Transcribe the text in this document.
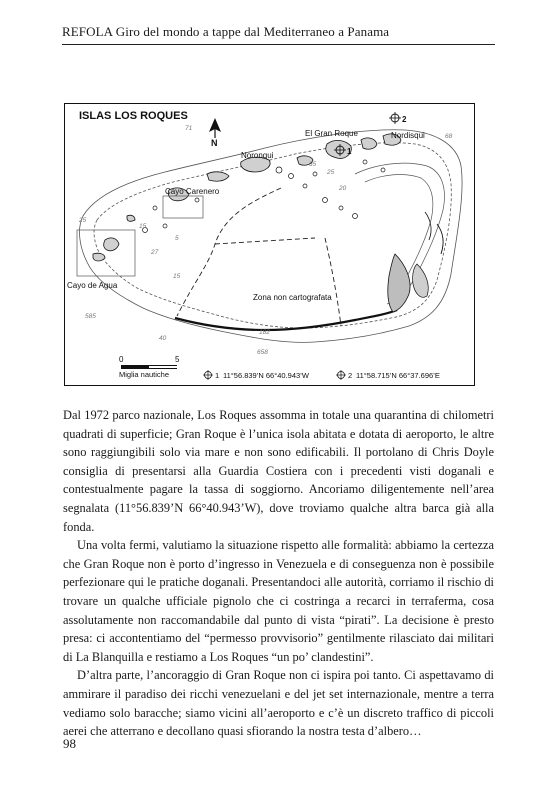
REFOLA Giro del mondo a tappe dal Mediterraneo a Panama
ISLAS LOS ROQUES
N
1
2
El Gran Roque	Nordisqui
Noronqui
Cayo Carenero
Cayo de Agua
Zona non cartografata
71
68
35
25
20
15
25
27
5
15
585
40
182
658
0	5
Miglia nautiche	1 11°56.839’N 66°40.943’W	2 11°58.715’N 66°37.696’E

Dal 1972 parco nazionale, Los Roques assomma in totale una quarantina di chilometri quadrati di superficie; Gran Roque è l’unica isola abitata e dotata di aeroporto, le altre sono raggiungibili solo via mare e non sono edificabili. Il portolano di Chris Doyle consiglia di presentarsi alla Guardia Costiera con i precedenti visti doganali e contestualmente pagare la tassa di soggiorno. Ancoriamo diligentemente nell’area segnalata (11°56.839’N 66°40.943’W), dove troviamo qualche altra barca già alla fonda.

Una volta fermi, valutiamo la situazione rispetto alle formalità: abbiamo la certezza che Gran Roque non è porto d’ingresso in Venezuela e di conseguenza non è possibile perfezionare qui le pratiche doganali. Presentandoci alle autorità, corriamo il rischio di trovare un qualche ufficiale pignolo che ci costringa a recarci in terraferma, cosa assolutamente non raccomandabile dal punto di vista “pirati”. La decisione è presto presa: ci accontentiamo del “permesso provvisorio” gentilmente rilasciato dai militari di La Blanquilla e restiamo a Los Roques “un po’ clandestini”.

D’altra parte, l’ancoraggio di Gran Roque non ci ispira poi tanto. Ci aspettavamo di ammirare il paradiso dei ricchi venezuelani e del jet set internazionale, mentre a terra vediamo solo baracche; siamo vicini all’aeroporto e c’è un discreto traffico di piccoli aerei che atterrano e decollano quasi sfiorando la nostra testa d’albero…

98
